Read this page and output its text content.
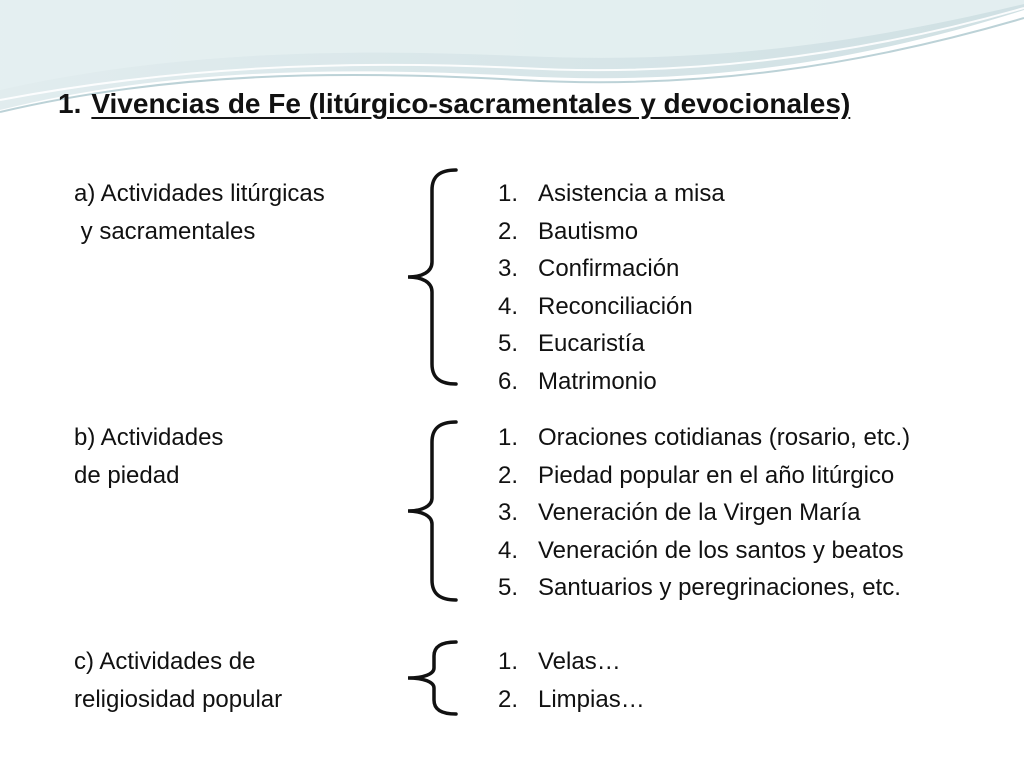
1. Vivencias de Fe (litúrgico-sacramentales y devocionales)
a) Actividades litúrgicas
y sacramentales
1. Asistencia a misa
2. Bautismo
3. Confirmación
4. Reconciliación
5. Eucaristía
6. Matrimonio
b) Actividades
de piedad
1. Oraciones cotidianas (rosario, etc.)
2. Piedad popular en el año litúrgico
3. Veneración de la Virgen María
4. Veneración de los santos y beatos
5. Santuarios y peregrinaciones, etc.
c) Actividades de
religiosidad popular
1. Velas…
2. Limpias…
